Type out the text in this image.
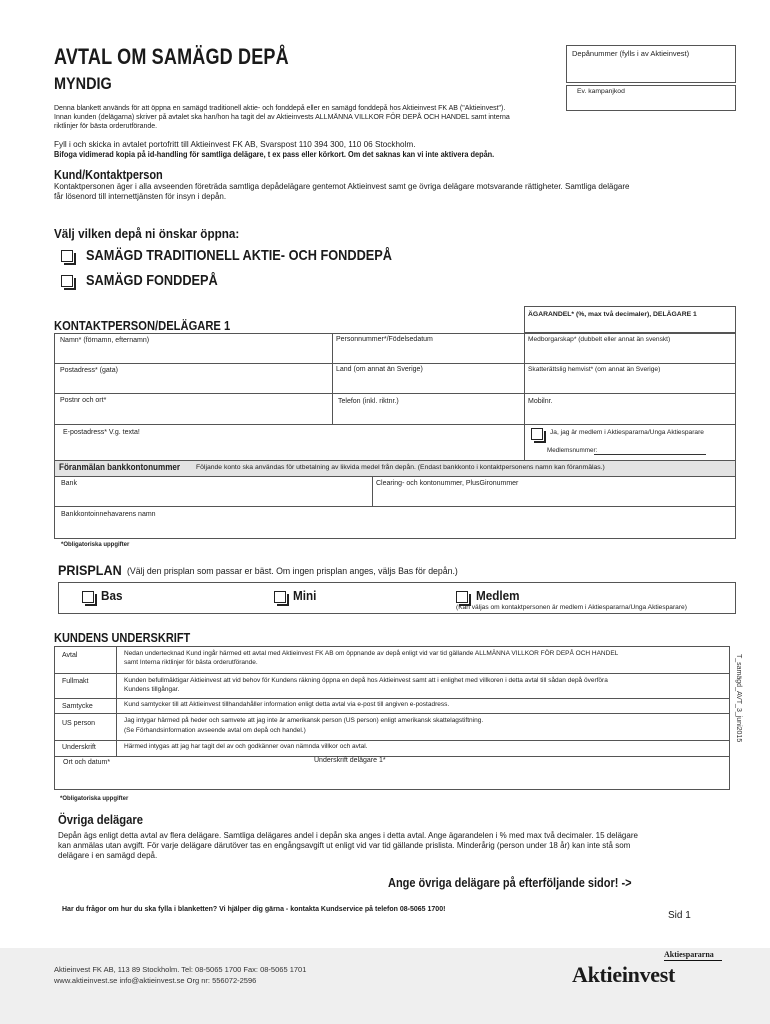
AVTAL OM SAMÄGD DEPÅ
MYNDIG
Depånummer (fylls i av Aktieinvest)
Ev. kampanjkod
Denna blankett används för att öppna en samägd traditionell aktie- och fonddepå eller en samägd fonddepå hos Aktieinvest FK AB ("Aktieinvest").
Innan kunden (delägarna) skriver på avtalet ska han/hon ha tagit del av Aktieinvests ALLMÄNNA VILLKOR FÖR DEPÅ OCH HANDEL samt interna
riktlinjer för bästa orderutförande.
Fyll i och skicka in avtalet portofritt till Aktieinvest FK AB, Svarspost 110 394 300, 110 06 Stockholm.
Bifoga vidimerad kopia på id-handling för samtliga delägare, t ex pass eller körkort. Om det saknas kan vi inte aktivera depån.
Kund/Kontaktperson
Kontaktpersonen äger i alla avseenden företräda samtliga depådelägare gentemot Aktieinvest samt ge övriga delägare motsvarande rättigheter. Samtliga delägare
får lösenord till internettjänsten för insyn i depån.
Välj vilken depå ni önskar öppna:
SAMÄGD TRADITIONELL AKTIE- OCH FONDDEPÅ
SAMÄGD FONDDEPÅ
KONTAKTPERSON/DELÄGARE 1
ÄGARANDEL* (%, max två decimaler), DELÄGARE 1
Namn* (förnamn, efternamn)	Personnummer*/Födelsedatum	Medborgarskap* (dubbelt eller annat än svenskt)
Postadress* (gata)	Land (om annat än Sverige)	Skatterättslig hemvist* (om annat än Sverige)
Postnr och ort*	Telefon (inkl. riktnr.)	Mobilnr.
E-postadress* V.g. texta!	Ja, jag är medlem i Aktiespararna/Unga Aktiesparare
Medlemsnummer:
Föranmälan bankkontonummer Följande konto ska användas för utbetalning av likvida medel från depån. (Endast bankkonto i kontaktpersonens namn kan föranmälas.)
Bank	Clearing- och kontonummer, PlusGironummer
Bankkontoinnehavarens namn
*Obligatoriska uppgifter
PRISPLAN (Välj den prisplan som passar er bäst. Om ingen prisplan anges, väljs Bas för depån.)
Bas	Mini	Medlem
(Kan väljas om kontaktpersonen är medlem i Aktiespararna/Unga Aktiesparare)
KUNDENS UNDERSKRIFT
Avtal	Nedan undertecknad Kund ingår härmed ett avtal med Aktieinvest FK AB om öppnande av depå enligt vid var tid gällande ALLMÄNNA VILLKOR FÖR DEPÅ OCH HANDEL
samt Interna riktlinjer för bästa orderutförande.
Fullmakt	Kunden befullmäktigar Aktieinvest att vid behov för Kundens räkning öppna en depå hos Aktieinvest samt att i enlighet med villkoren i detta avtal till sådan depå överföra
Kundens tillgångar.
Samtycke	Kund samtycker till att Aktieinvest tillhandahåller information enligt detta avtal via e-post till angiven e-postadress.
US person	Jag intygar härmed på heder och samvete att jag inte är amerikansk person (US person) enligt amerikansk skattelagstiftning.
(Se Förhandsinformation avseende avtal om depå och handel.)
Underskrift	Härmed intygas att jag har tagit del av och godkänner ovan nämnda villkor och avtal.
Ort och datum*	Underskrift delägare 1*
*Obligatoriska uppgifter
T_samägd_AVT_3_juni2015
Övriga delägare
Depån ägs enligt detta avtal av flera delägare. Samtliga delägares andel i depån ska anges i detta avtal. Ange ägarandelen i % med max två decimaler. 15 delägare
kan anmälas utan avgift. För varje delägare därutöver tas en engångsavgift ut enligt vid var tid gällande prislista. Minderårig (person under 18 år) kan inte stå som
delägare i en samägd depå.
Ange övriga delägare på efterföljande sidor! ->
Har du frågor om hur du ska fylla i blanketten? Vi hjälper dig gärna - kontakta Kundservice på telefon 08-5065 1700!
Sid 1
Aktieinvest FK AB, 113 89 Stockholm. Tel: 08-5065 1700 Fax: 08-5065 1701
www.aktieinvest.se info@aktieinvest.se Org nr: 556072-2596
Aktiespararna
Aktieinvest
